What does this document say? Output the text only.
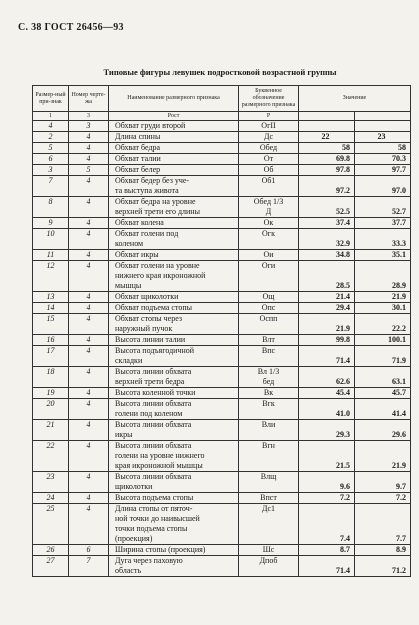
С. 38 ГОСТ 26456—93
Типовые фигуры левушек подростковой возрастной группы
Размер-ный при-знак	Номер черте-жа	Наименование размерного признака	Буквенное обозначение размерного признака	Значение	
1	3	Рост	Р		
4	3	Обхват груди второй	ОгII		
2	4	Длина спины	Дс	22	23
5	4	Обхват бедра	Обед	58	58
6	4	Обхват талии	От	69.8	70.3
3	5	Обхват белер	Об	97.8	97.7
7	4	Обхват бедер без уче-	Об1		
		та выступа живота		97.2	97.0
8	4	Обхват бедра на уровне	Обед 1/3		
		верхней трети его длины	Д	52.5	52.7
9	4	Обхват колена	Ок	37.4	37.7
10	4	Обхват голени под	Огк		
		коленом		32.9	33.3
11	4	Обхват икры	Ои	34.8	35.1
12	4	Обхват голени на уровне	Оги		
		нижнего края икроножной			
		мышцы		28.5	28.9
13	4	Обхват щиколотки	Ощ	21.4	21.9
14	4	Обхват подъема стопы	Опс	29.4	30.1
15	4	Обхват стопы через	Оспп		
		наружный пучок		21.9	22.2
16	4	Высота линии талии	Влт	99.8	100.1
17	4	Высота подъягодичной	Впс		
		складки		71.4	71.9
18	4	Высота линии обхвата	Вл 1/3		
		верхней трети бедра	бед	62.6	63.1
19	4	Высота коленной точки	Вк	45.4	45.7
20	4	Высота линии обхвата	Вгк		
		голени под коленом		41.0	41.4
21	4	Высота линии обхвата	Вли		
		икры		29.3	29.6
22	4	Высота линии обхвата	Вгн		
		голени на уровне нижнего			
		края икроножной мышцы		21.5	21.9
23	4	Высота линии обхвата	Влщ		
		щиколотки		9.6	9.7
24	4	Высота подъема стопы	Впст	7.2	7.2
25	4	Длина стопы от пяточ-	Дс1		
		ной точки до наивысшей			
		точки подъема стопы			
		(проекция)		7.4	7.7
26	6	Ширина стопы (проекция)	Шс	8.7	8.9
27	7	Дуга через паховую	Дпоб		
		область		71.4	71.2
